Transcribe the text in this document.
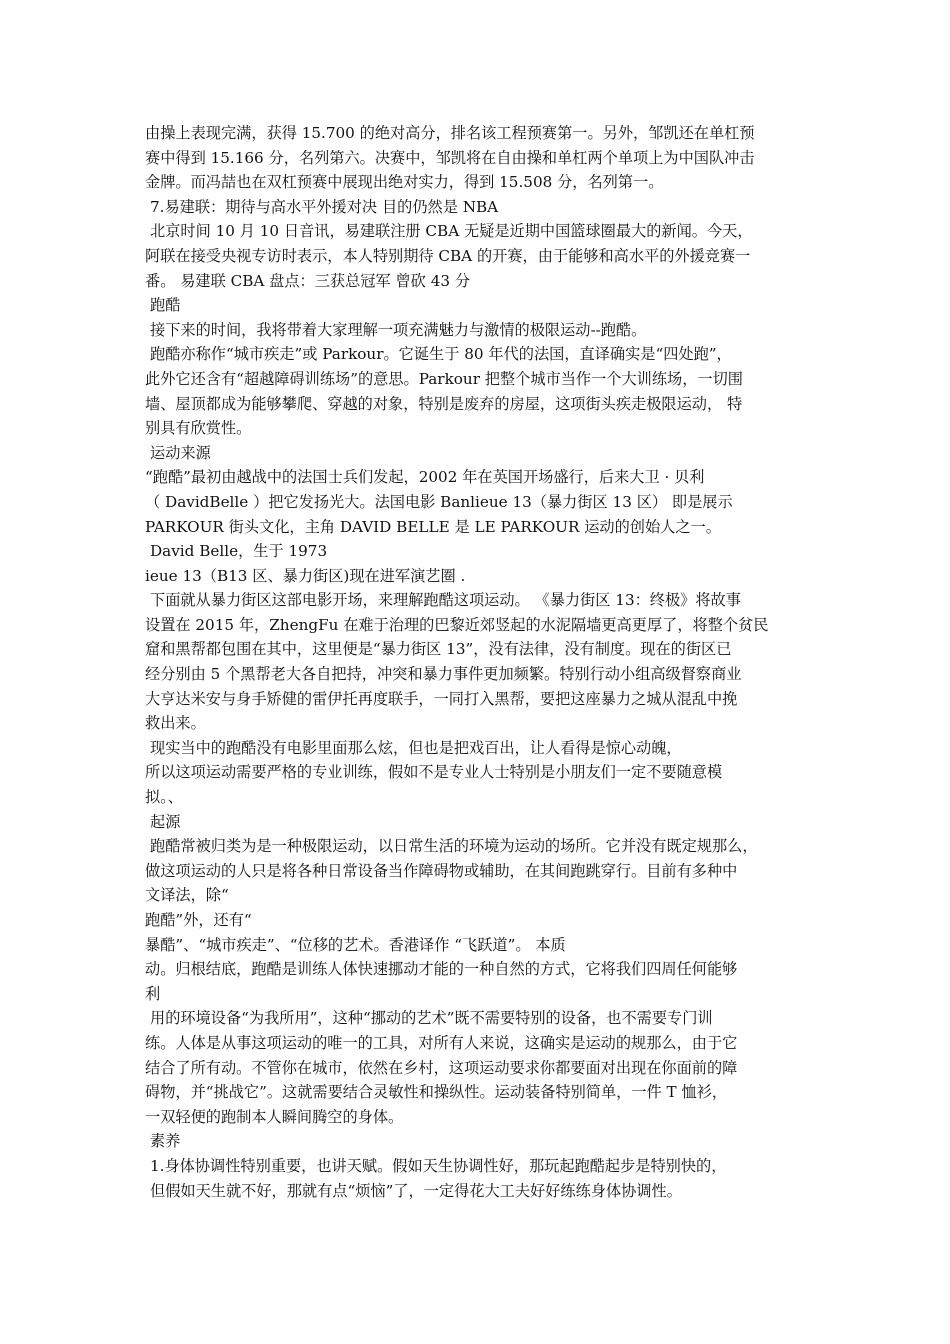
由操上表现完满，获得 15.700 的绝对高分，排名该工程预赛第一。另外，邹凯还在单杠预

赛中得到 15.166 分，名列第六。决赛中，邹凯将在自由操和单杠两个单项上为中国队冲击

金牌。而冯喆也在双杠预赛中展现出绝对实力，得到 15.508 分，名列第一。

7.易建联：期待与高水平外援对决 目的仍然是 NBA

北京时间 10 月 10 日音讯，易建联注册 CBA 无疑是近期中国篮球圈最大的新闻。今天，

阿联在接受央视专访时表示，本人特别期待 CBA 的开赛，由于能够和高水平的外援竞赛一

番。 易建联 CBA 盘点：三获总冠军 曾砍 43 分

跑酷

接下来的时间，我将带着大家理解一项充满魅力与激情的极限运动--跑酷。

跑酷亦称作“城市疾走”或 Parkour。它诞生于 80 年代的法国，直译确实是“四处跑”，

此外它还含有“超越障碍训练场”的意思。Parkour 把整个城市当作一个大训练场，一切围

墙、屋顶都成为能够攀爬、穿越的对象，特别是废弃的房屋，这项街头疾走极限运动， 特

别具有欣赏性。

运动来源

“跑酷”最初由越战中的法国士兵们发起，2002 年在英国开场盛行，后来大卫 · 贝利

（ DavidBelle ）把它发扬光大。法国电影 Banlieue 13（暴力街区 13 区） 即是展示

PARKOUR 街头文化，主角 DAVID BELLE 是 LE PARKOUR 运动的创始人之一。

David Belle，生于 1973

ieue 13（B13 区、暴力街区)现在进军演艺圈 .

下面就从暴力街区这部电影开场，来理解跑酷这项运动。 《暴力街区 13：终极》将故事

设置在 2015 年，ZhengFu 在难于治理的巴黎近郊竖起的水泥隔墙更高更厚了，将整个贫民

窟和黑帮都包围在其中，这里便是“暴力街区 13”，没有法律，没有制度。现在的街区已

经分别由 5 个黑帮老大各自把持，冲突和暴力事件更加频繁。特别行动小组高级督察商业

大亨达米安与身手矫健的雷伊托再度联手，一同打入黑帮，要把这座暴力之城从混乱中挽

救出来。

现实当中的跑酷没有电影里面那么炫，但也是把戏百出，让人看得是惊心动魄，

所以这项运动需要严格的专业训练，假如不是专业人士特别是小朋友们一定不要随意模

拟。、

起源

跑酷常被归类为是一种极限运动，以日常生活的环境为运动的场所。它并没有既定规那么，

做这项运动的人只是将各种日常设备当作障碍物或辅助，在其间跑跳穿行。目前有多种中

文译法，除“

跑酷”外，还有“

暴酷”、“城市疾走”、“位移的艺术。香港译作 “飞跃道”。 本质

动。归根结底，跑酷是训练人体快速挪动才能的一种自然的方式，它将我们四周任何能够

利

用的环境设备“为我所用”，这种“挪动的艺术”既不需要特别的设备，也不需要专门训

练。人体是从事这项运动的唯一的工具，对所有人来说，这确实是运动的规那么，由于它

结合了所有动。不管你在城市，依然在乡村，这项运动要求你都要面对出现在你面前的障

碍物，并“挑战它”。这就需要结合灵敏性和操纵性。运动装备特别简单，一件 T 恤衫，

一双轻便的跑制本人瞬间腾空的身体。

素养

1.身体协调性特别重要，也讲天赋。假如天生协调性好，那玩起跑酷起步是特别快的，

但假如天生就不好，那就有点“烦恼”了，一定得花大工夫好好练练身体协调性。
